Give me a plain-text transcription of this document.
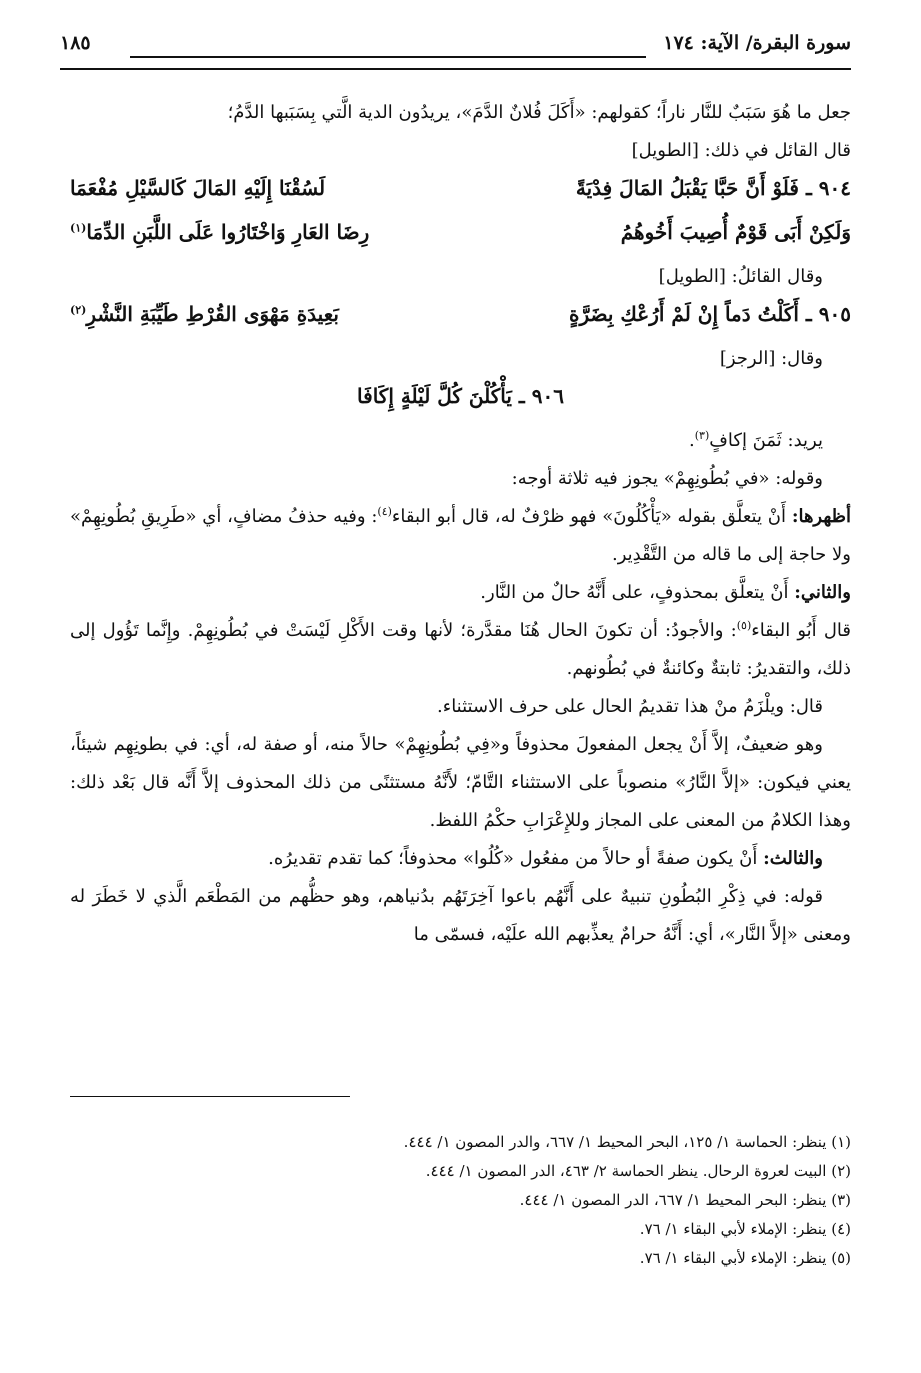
سورة البقرة/ الآية: ١٧٤
١٨٥

جعل ما هُوَ سَبَبٌ للنَّار ناراً؛ كقولهم: «أَكَلَ فُلانٌ الدَّمَ»، يريدُون الدية الَّتي بِسَبَبها الدَّمُ؛

قال القائل في ذلك: [الطويل]

٩٠٤ ـ فَلَوْ أَنَّ حَبَّا يَقْبَلُ المَالَ فِدْيَةً
لَسُقْنَا إِلَيْهِ المَالَ كَالسَّيْلِ مُفْعَمَا
وَلَكِنْ أَبَى قَوْمٌ أُصِيبَ أَخُوهُمُ
رِضَا العَارِ وَاخْتَارُوا عَلَى اللَّبَنِ الدِّمَا$^{(١)}$

وقال القائلُ: [الطويل]

٩٠٥ ـ أَكَلْتُ دَماً إِنْ لَمْ أَرُعْكِ بِضَرَّةٍ
بَعِيدَةِ مَهْوَى القُرْطِ طَيِّبَةِ النَّشْرِ$^{(٢)}$

وقال: [الرجز]

٩٠٦ ـ يَأْكُلْنَ كُلَّ لَيْلَةٍ إِكَافَا

يريد: ثَمَنَ إكافٍ$^{(٣)}$.

وقوله: «في بُطُونِهِمْ» يجوز فيه ثلاثة أوجه:

أظهرها: أَنْ يتعلَّق بقوله «يَأْكُلُونَ» فهو ظرْفٌ له، قال أبو البقاء$^{(٤)}$: وفيه حذفُ مضافٍ، أي «طَرِيقِ بُطُونِهِمْ» ولا حاجة إلى ما قاله من التَّقْدِير.

والثاني: أَنْ يتعلَّق بمحذوفٍ، على أَنَّهُ حالٌ من النَّار.

قال أَبُو البقاء$^{(٥)}$: والأجودُ: أن تكونَ الحال هُنَا مقدَّرة؛ لأنها وقت الأَكْلِ لَيْسَتْ في بُطُونِهِمْ. وإِنَّما تَؤُول إلى ذلك، والتقديرُ: ثابتةٌ وكائنةٌ في بُطُونهم.

قال: ويلْزَمُ منْ هذا تقديمُ الحال على حرف الاستثناء.

وهو ضعيفٌ، إلاَّ أَنْ يجعل المفعولَ محذوفاً و«فِي بُطُونِهِمْ» حالاً منه، أو صفة له، أي: في بطونِهِم شيئاً، يعني فيكون: «إلاَّ النَّارُ» منصوباً على الاستثناء التَّامّ؛ لأَنَّهُ مستثنًى من ذلك المحذوف إلاَّ أَنَّه قال بَعْد ذلك: وهذا الكلامُ من المعنى على المجاز وللإِعْرَابِ حكْمُ اللفظ.

والثالث: أَنْ يكون صفةً أو حالاً من مفعُول «كُلُوا» محذوفاً؛ كما تقدم تقديرُه.

قوله: في ذِكْرِ البُطُونِ تنبيهٌ على أَنَّهُم باعوا آخِرَتَهُم بدُنياهم، وهو حظُّهم من المَطْعَم الَّذي لا خَطَرَ له ومعنى «إلاَّ النَّار»، أي: أَنَّهُ حرامٌ يعذِّبهم الله علَيْه، فسمّى ما

(١) ينظر: الحماسة ١/ ١٢٥، البحر المحيط ١/ ٦٦٧، والدر المصون ١/ ٤٤٤.

(٢) البيت لعروة الرحال. ينظر الحماسة ٢/ ٤٦٣، الدر المصون ١/ ٤٤٤.

(٣) ينظر: البحر المحيط ١/ ٦٦٧، الدر المصون ١/ ٤٤٤.

(٤) ينظر: الإملاء لأبي البقاء ١/ ٧٦.

(٥) ينظر: الإملاء لأبي البقاء ١/ ٧٦.
